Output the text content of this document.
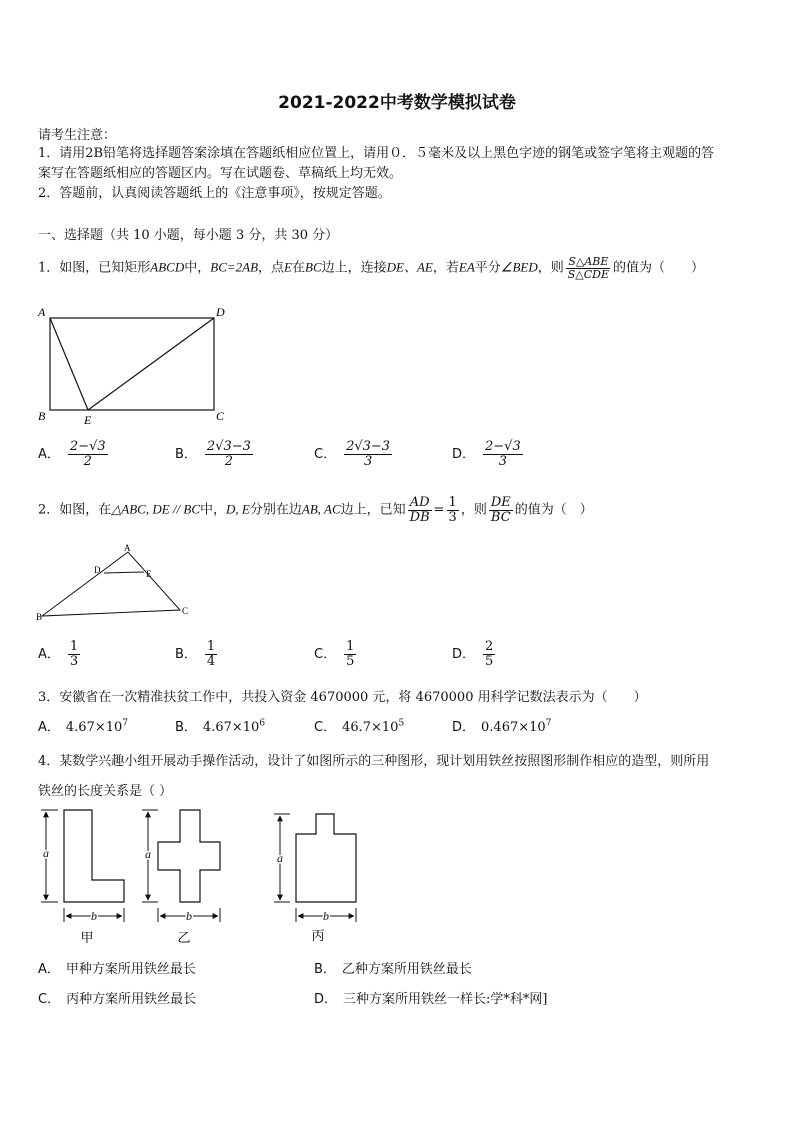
2021-2022中考数学模拟试卷
请考生注意：
1．请用2B铅笔将选择题答案涂填在答题纸相应位置上，请用０．５毫米及以上黑色字迹的钢笔或签字笔将主观题的答
案写在答题纸相应的答题区内。写在试题卷、草稿纸上均无效。
2．答题前，认真阅读答题纸上的《注意事项》，按规定答题。
一、选择题（共 10 小题，每小题 3 分，共 30 分）
1．如图，已知矩形ABCD中，BC=2AB，点E在BC边上，连接DE、AE，若EA平分∠BED，则 $\frac{\text{S△ABE}}{\text{S△CDE}}$ 的值为（　　）
A	D
B	C
E
A． $\frac{2-√3}{2}$	B． $\frac{2√3-3}{2}$	C． $\frac{2√3-3}{3}$	D． $\frac{2-√3}{3}$
2．如图，在△ABC, DE // BC中，D, E分别在边AB, AC边上，已知 $\frac{AD}{DB} = \frac{1}{3}$ ，则 $\frac{DE}{BC}$ 的值为（　）
A
D	E
B
C
A． $\frac{1}{3}$	B． $\frac{1}{4}$	C． $\frac{1}{5}$	D． $\frac{2}{5}$
3．安徽省在一次精准扶贫工作中，共投入资金 4670000 元，将 4670000 用科学记数法表示为（　　）
A． $4.67\times 10^7$	B． $4.67\times 10^6$	C． $46.7\times 10^5$	D． $0.467\times 10^7$
4．某数学兴趣小组开展动手操作活动，设计了如图所示的三种图形，现计划用铁丝按照图形制作相应的造型，则所用
铁丝的长度关系是（ ）
a
b
甲
a
b
乙
a
b
丙
A． 甲种方案所用铁丝最长	B． 乙种方案所用铁丝最长
C． 丙种方案所用铁丝最长	D． 三种方案所用铁丝一样长:学*科*网]
